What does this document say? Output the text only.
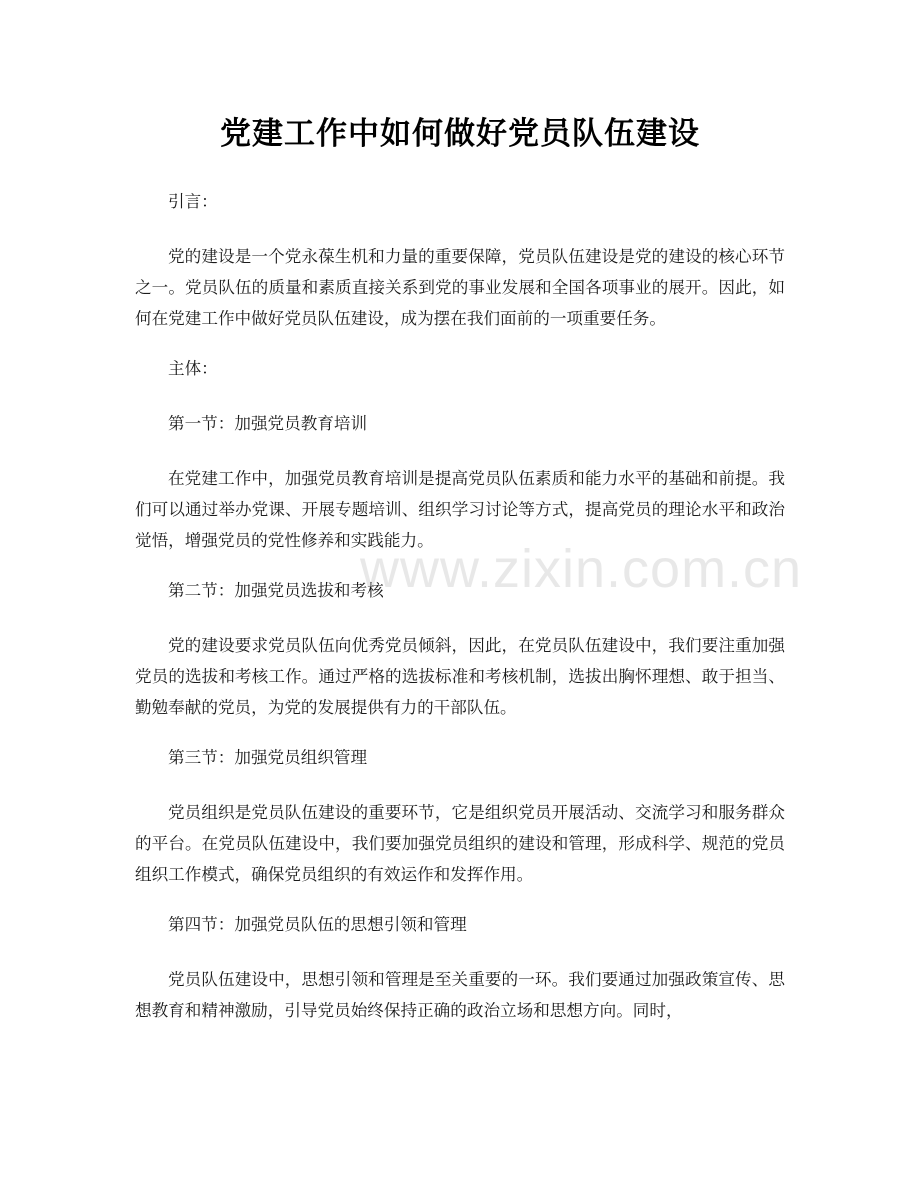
党建工作中如何做好党员队伍建设

引言：

党的建设是一个党永葆生机和力量的重要保障，党员队伍建设是党的建设的核心环节之一。党员队伍的质量和素质直接关系到党的事业发展和全国各项事业的展开。因此，如何在党建工作中做好党员队伍建设，成为摆在我们面前的一项重要任务。

主体：

第一节：加强党员教育培训

在党建工作中，加强党员教育培训是提高党员队伍素质和能力水平的基础和前提。我们可以通过举办党课、开展专题培训、组织学习讨论等方式，提高党员的理论水平和政治觉悟，增强党员的党性修养和实践能力。

第二节：加强党员选拔和考核

党的建设要求党员队伍向优秀党员倾斜，因此，在党员队伍建设中，我们要注重加强党员的选拔和考核工作。通过严格的选拔标准和考核机制，选拔出胸怀理想、敢于担当、勤勉奉献的党员，为党的发展提供有力的干部队伍。

第三节：加强党员组织管理

党员组织是党员队伍建设的重要环节，它是组织党员开展活动、交流学习和服务群众的平台。在党员队伍建设中，我们要加强党员组织的建设和管理，形成科学、规范的党员组织工作模式，确保党员组织的有效运作和发挥作用。

第四节：加强党员队伍的思想引领和管理

党员队伍建设中，思想引领和管理是至关重要的一环。我们要通过加强政策宣传、思想教育和精神激励，引导党员始终保持正确的政治立场和思想方向。同时，

www.zixin.com.cn
